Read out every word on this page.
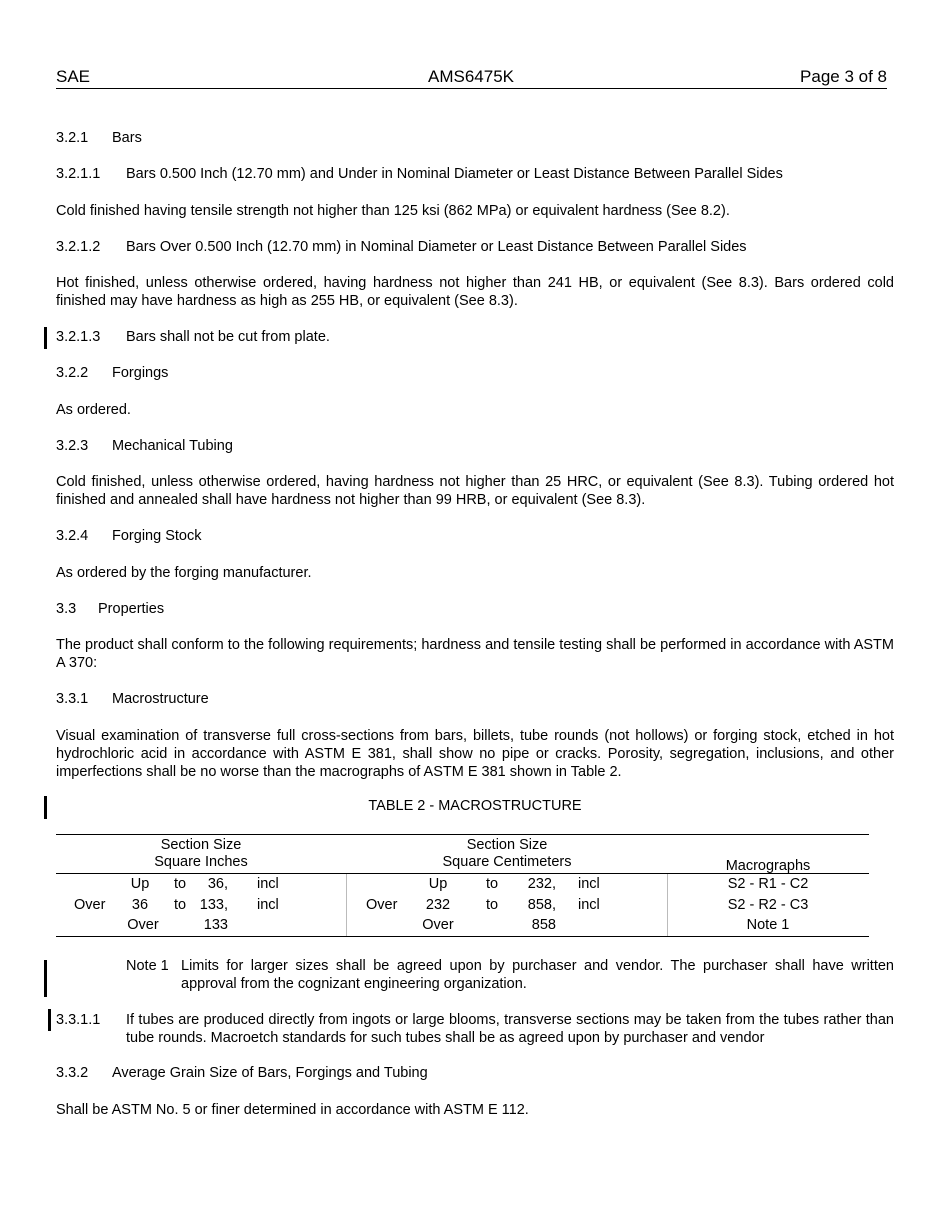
SAE	AMS6475K	Page 3 of 8
3.2.1 Bars
3.2.1.1 Bars 0.500 Inch (12.70 mm) and Under in Nominal Diameter or Least Distance Between Parallel Sides
Cold finished having tensile strength not higher than 125 ksi (862 MPa) or equivalent hardness (See 8.2).
3.2.1.2 Bars Over 0.500 Inch (12.70 mm) in Nominal Diameter or Least Distance Between Parallel Sides
Hot finished, unless otherwise ordered, having hardness not higher than 241 HB, or equivalent (See 8.3). Bars ordered cold finished may have hardness as high as 255 HB, or equivalent (See 8.3).
3.2.1.3 Bars shall not be cut from plate.
3.2.2 Forgings
As ordered.
3.2.3 Mechanical Tubing
Cold finished, unless otherwise ordered, having hardness not higher than 25 HRC, or equivalent (See 8.3). Tubing ordered hot finished and annealed shall have hardness not higher than 99 HRB, or equivalent (See 8.3).
3.2.4 Forging Stock
As ordered by the forging manufacturer.
3.3 Properties
The product shall conform to the following requirements; hardness and tensile testing shall be performed in accordance with ASTM A 370:
3.3.1 Macrostructure
Visual examination of transverse full cross-sections from bars, billets, tube rounds (not hollows) or forging stock, etched in hot hydrochloric acid in accordance with ASTM E 381, shall show no pipe or cracks. Porosity, segregation, inclusions, and other imperfections shall be no worse than the macrographs of ASTM E 381 shown in Table 2.
TABLE 2 - MACROSTRUCTURE
Section Size
Square Inches
Section Size
Square Centimeters	Macrographs
Up	to	36, incl	Up	to	232, incl	S2 - R1 - C2
Over	36	to 133, incl	Over	232	to	858, incl	S2 - R2 - C3
Over	133	Over	858	Note 1
Note 1 Limits for larger sizes shall be agreed upon by purchaser and vendor. The purchaser shall have written approval from the cognizant engineering organization.
3.3.1.1 If tubes are produced directly from ingots or large blooms, transverse sections may be taken from the tubes rather than tube rounds. Macroetch standards for such tubes shall be as agreed upon by purchaser and vendor
3.3.2 Average Grain Size of Bars, Forgings and Tubing
Shall be ASTM No. 5 or finer determined in accordance with ASTM E 112.
